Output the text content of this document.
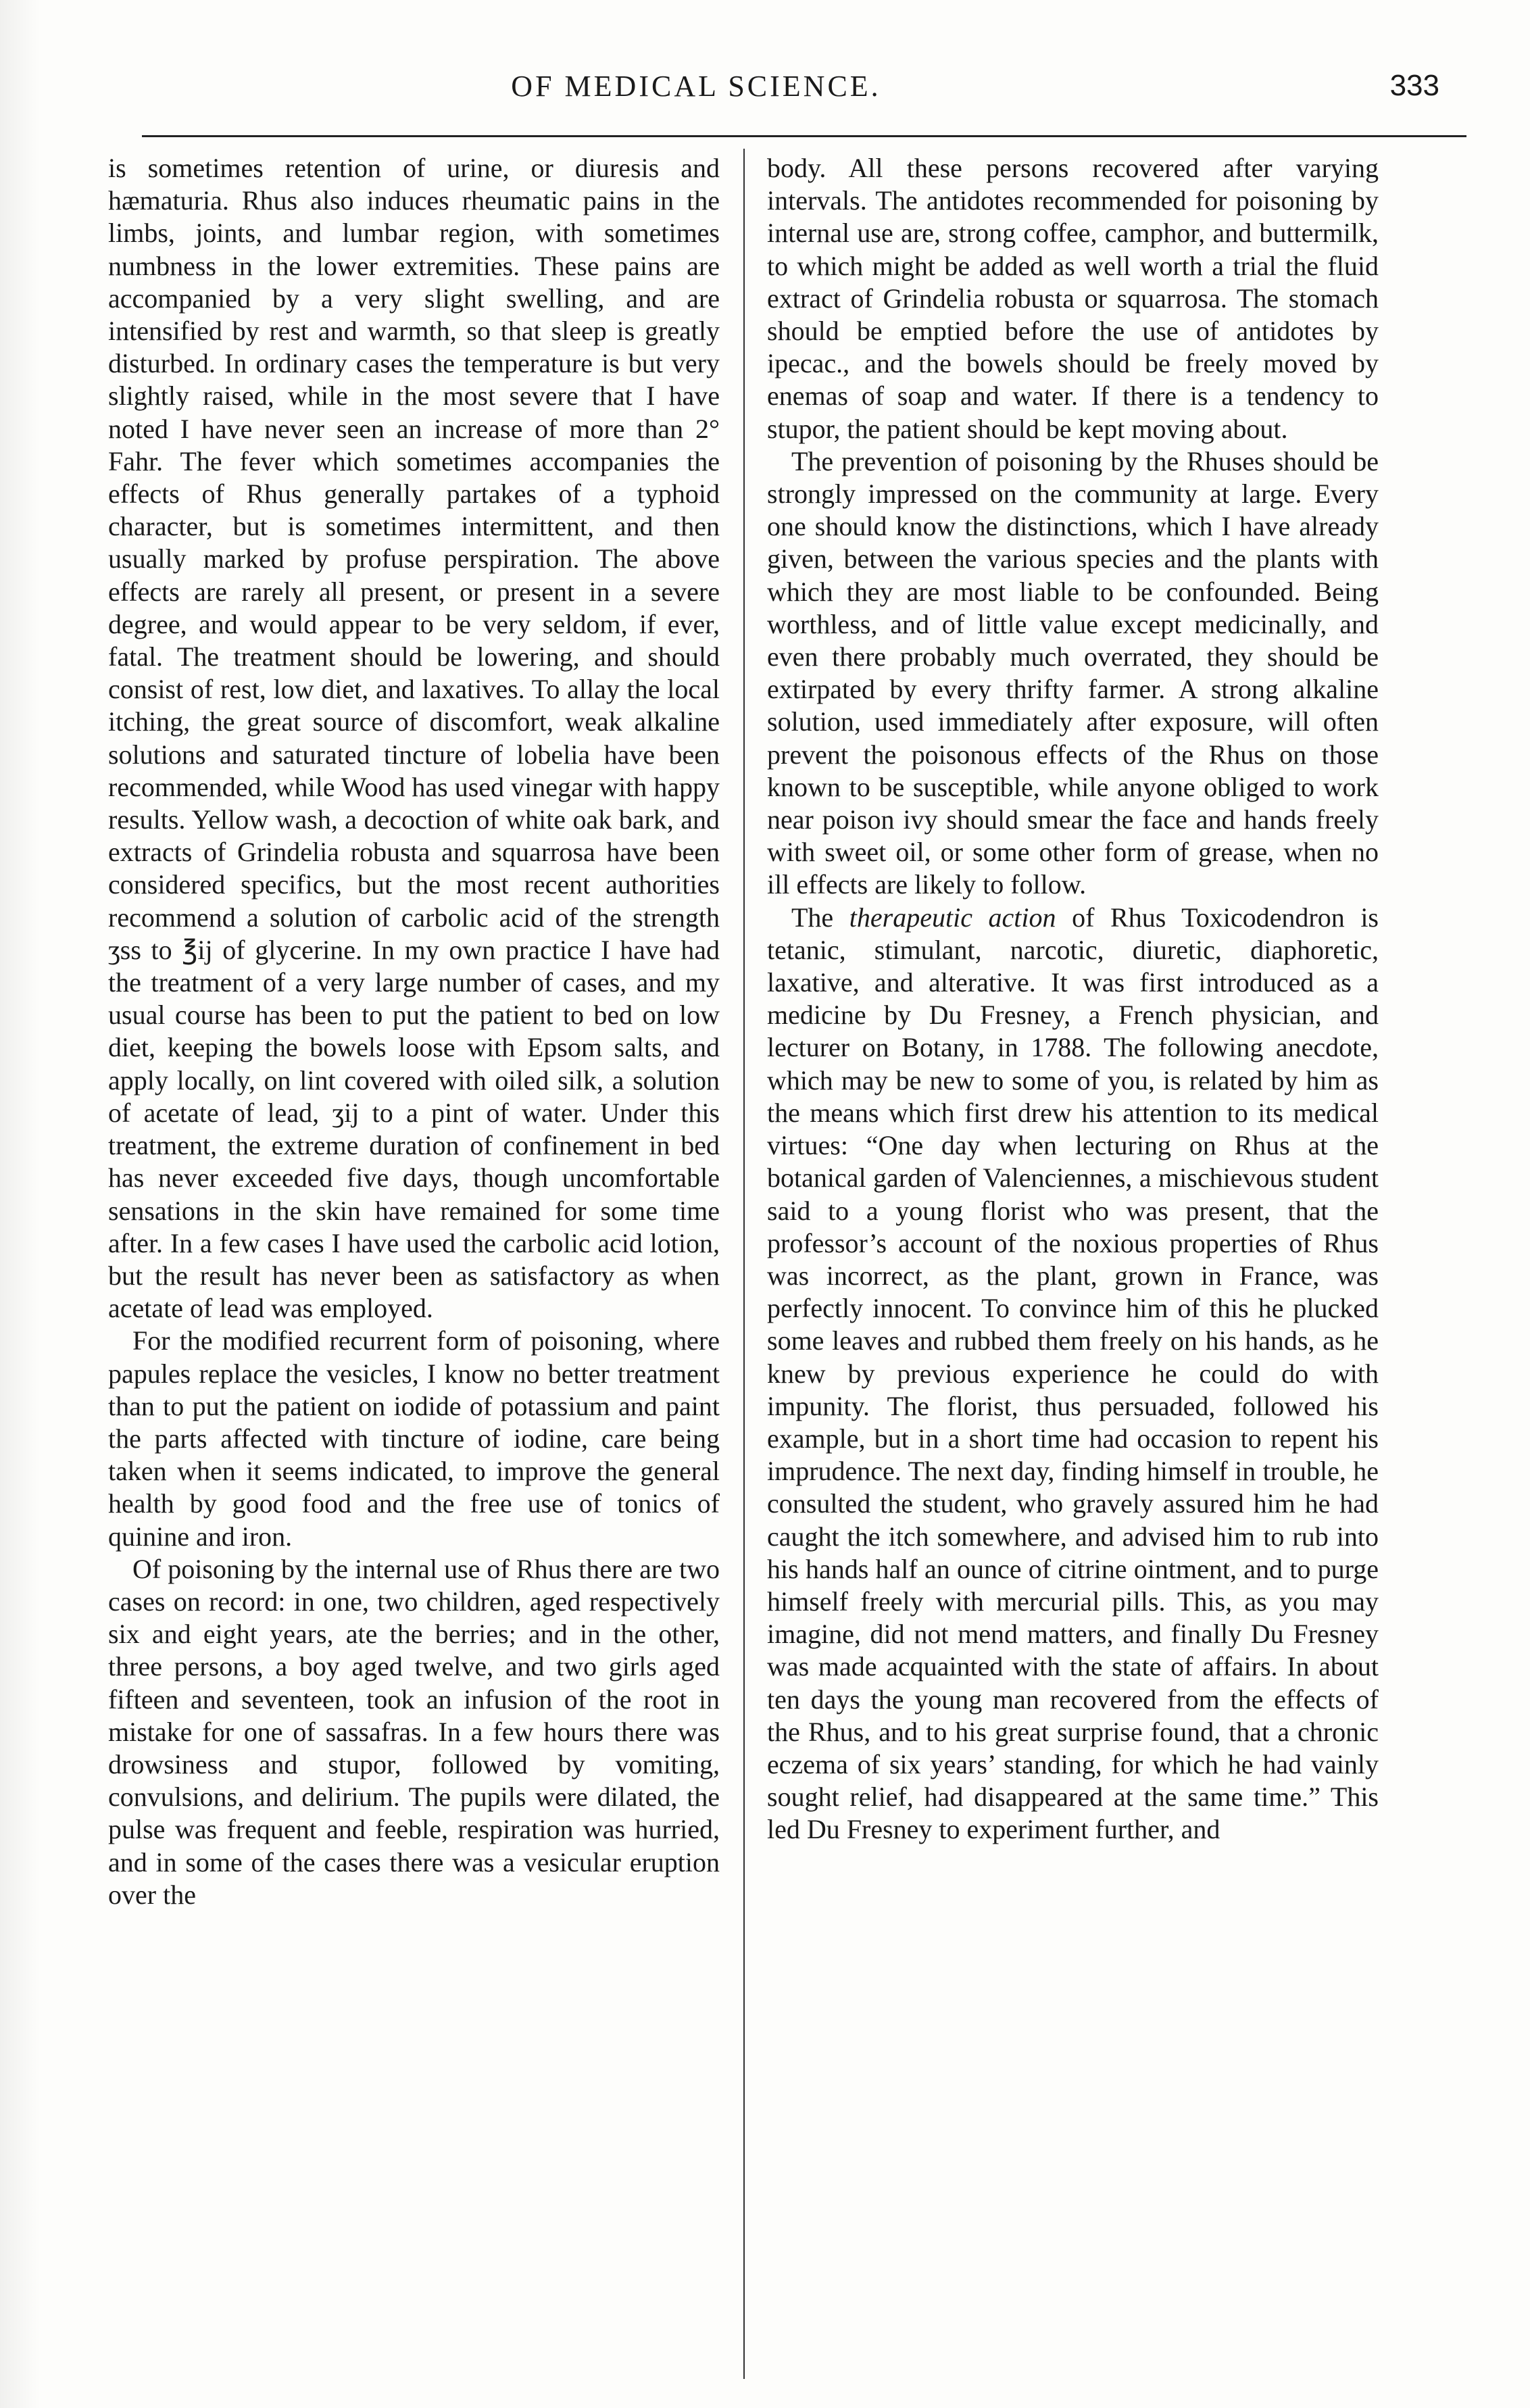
OF MEDICAL SCIENCE.	333

is sometimes retention of urine, or diuresis and hæmaturia. Rhus also induces rheumatic pains in the limbs, joints, and lumbar region, with sometimes numbness in the lower extremities. These pains are accompanied by a very slight swelling, and are intensified by rest and warmth, so that sleep is greatly disturbed. In ordinary cases the temperature is but very slightly raised, while in the most severe that I have noted I have never seen an increase of more than 2° Fahr. The fever which sometimes accompanies the effects of Rhus generally partakes of a typhoid character, but is sometimes intermittent, and then usually marked by profuse perspiration. The above effects are rarely all present, or present in a severe degree, and would appear to be very seldom, if ever, fatal. The treatment should be lowering, and should consist of rest, low diet, and laxatives. To allay the local itching, the great source of discomfort, weak alkaline solutions and saturated tincture of lobelia have been recommended, while Wood has used vinegar with happy results. Yellow wash, a decoction of white oak bark, and extracts of Grindelia robusta and squarrosa have been considered specifics, but the most recent authorities recommend a solution of carbolic acid of the strength ʒss to ℥ij of glycerine. In my own practice I have had the treatment of a very large number of cases, and my usual course has been to put the patient to bed on low diet, keeping the bowels loose with Epsom salts, and apply locally, on lint covered with oiled silk, a solution of acetate of lead, ʒij to a pint of water. Under this treatment, the extreme duration of confinement in bed has never exceeded five days, though uncomfortable sensations in the skin have remained for some time after. In a few cases I have used the carbolic acid lotion, but the result has never been as satisfactory as when acetate of lead was employed.

For the modified recurrent form of poisoning, where papules replace the vesicles, I know no better treatment than to put the patient on iodide of potassium and paint the parts affected with tincture of iodine, care being taken when it seems indicated, to improve the general health by good food and the free use of tonics of quinine and iron.

Of poisoning by the internal use of Rhus there are two cases on record: in one, two children, aged respectively six and eight years, ate the berries; and in the other, three persons, a boy aged twelve, and two girls aged fifteen and seventeen, took an infusion of the root in mistake for one of sassafras. In a few hours there was drowsiness and stupor, followed by vomiting, convulsions, and delirium. The pupils were dilated, the pulse was frequent and feeble, respiration was hurried, and in some of the cases there was a vesicular eruption over the

body. All these persons recovered after varying intervals. The antidotes recommended for poisoning by internal use are, strong coffee, camphor, and buttermilk, to which might be added as well worth a trial the fluid extract of Grindelia robusta or squarrosa. The stomach should be emptied before the use of antidotes by ipecac., and the bowels should be freely moved by enemas of soap and water. If there is a tendency to stupor, the patient should be kept moving about.

The prevention of poisoning by the Rhuses should be strongly impressed on the community at large. Every one should know the distinctions, which I have already given, between the various species and the plants with which they are most liable to be confounded. Being worthless, and of little value except medicinally, and even there probably much overrated, they should be extirpated by every thrifty farmer. A strong alkaline solution, used immediately after exposure, will often prevent the poisonous effects of the Rhus on those known to be susceptible, while anyone obliged to work near poison ivy should smear the face and hands freely with sweet oil, or some other form of grease, when no ill effects are likely to follow.

The therapeutic action of Rhus Toxicodendron is tetanic, stimulant, narcotic, diuretic, diaphoretic, laxative, and alterative. It was first introduced as a medicine by Du Fresney, a French physician, and lecturer on Botany, in 1788. The following anecdote, which may be new to some of you, is related by him as the means which first drew his attention to its medical virtues: “One day when lecturing on Rhus at the botanical garden of Valenciennes, a mischievous student said to a young florist who was present, that the professor’s account of the noxious properties of Rhus was incorrect, as the plant, grown in France, was perfectly innocent. To convince him of this he plucked some leaves and rubbed them freely on his hands, as he knew by previous experience he could do with impunity. The florist, thus persuaded, followed his example, but in a short time had occasion to repent his imprudence. The next day, finding himself in trouble, he consulted the student, who gravely assured him he had caught the itch somewhere, and advised him to rub into his hands half an ounce of citrine ointment, and to purge himself freely with mercurial pills. This, as you may imagine, did not mend matters, and finally Du Fresney was made acquainted with the state of affairs. In about ten days the young man recovered from the effects of the Rhus, and to his great surprise found, that a chronic eczema of six years’ standing, for which he had vainly sought relief, had disappeared at the same time.” This led Du Fresney to experiment further, and
